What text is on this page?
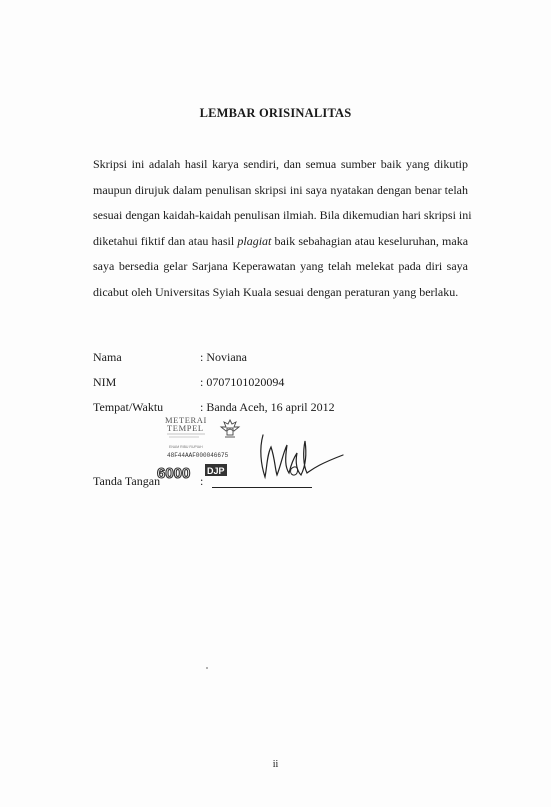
LEMBAR ORISINALITAS
Skripsi ini adalah hasil karya sendiri, dan semua sumber baik yang dikutip
maupun dirujuk dalam penulisan skripsi ini saya nyatakan dengan benar telah
sesuai dengan kaidah-kaidah penulisan ilmiah. Bila dikemudian hari skripsi ini
diketahui fiktif dan atau hasil plagiat baik sebahagian atau keseluruhan, maka
saya bersedia gelar Sarjana Keperawatan yang telah melekat pada diri saya
dicabut oleh Universitas Syiah Kuala sesuai dengan peraturan yang berlaku.
Nama	: Noviana
NIM	: 0707101020094
Tempat/Waktu	: Banda Aceh, 16 april 2012
Tanda Tangan	:
METERAI
TEMPEL
ENAM RIBU RUPIAH
48F44AAF000046675
6000 DJP
ii
